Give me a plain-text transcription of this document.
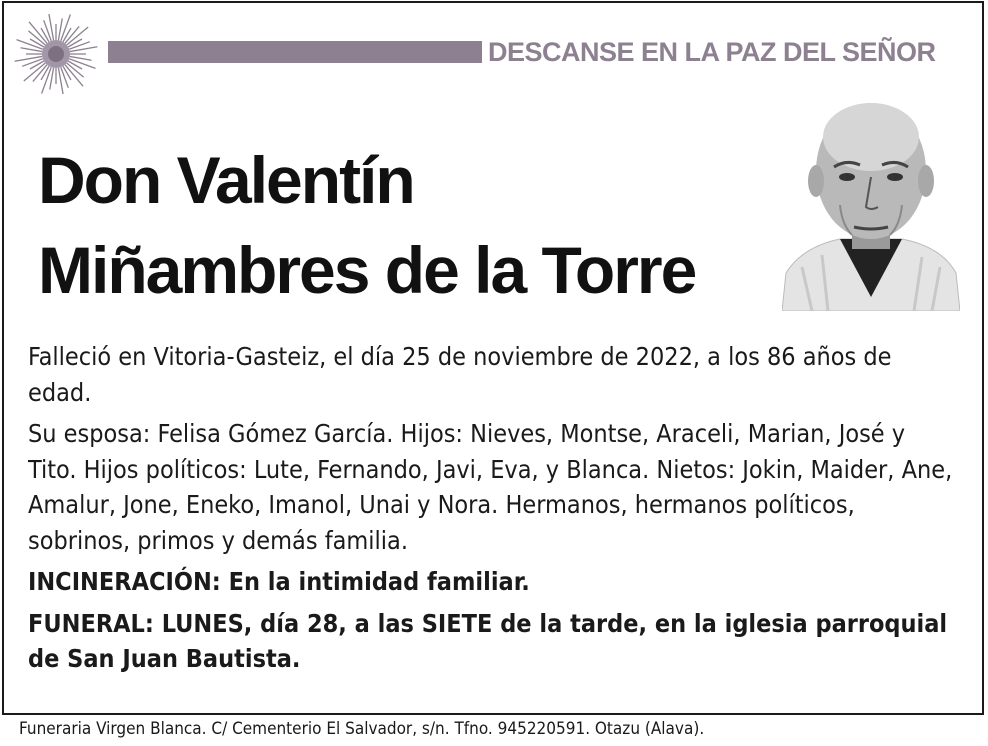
DESCANSE EN LA PAZ DEL SEÑOR
Don Valentín
Miñambres de la Torre

Falleció en Vitoria-Gasteiz, el día 25 de noviembre de 2022, a los 86 años de edad.

Su esposa: Felisa Gómez García. Hijos: Nieves, Montse, Araceli, Marian, José y Tito. Hijos políticos: Lute, Fernando, Javi, Eva, y Blanca. Nietos: Jokin, Maider, Ane, Amalur, Jone, Eneko, Imanol, Unai y Nora. Hermanos, hermanos políticos, sobrinos, primos y demás familia.

INCINERACIÓN: En la intimidad familiar.

FUNERAL: LUNES, día 28, a las SIETE de la tarde, en la iglesia parroquial de San Juan Bautista.

Funeraria Virgen Blanca. C/ Cementerio El Salvador, s/n. Tfno. 945220591. Otazu (Alava).
